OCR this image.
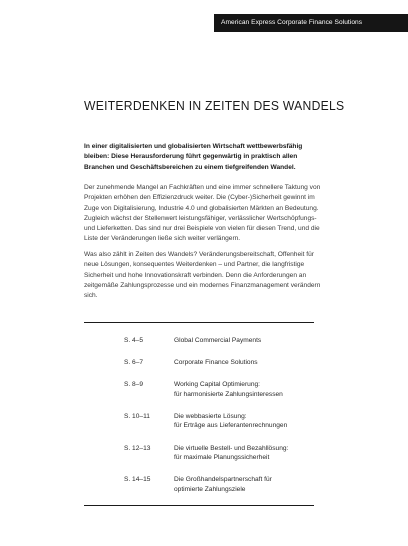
American Express Corporate Finance Solutions
WEITERDENKEN IN ZEITEN DES WANDELS

In einer digitalisierten und globalisierten Wirtschaft wettbewerbsfähig bleiben: Diese Herausforderung führt gegenwärtig in praktisch allen Branchen und Geschäftsbereichen zu einem tiefgreifenden Wandel.

Der zunehmende Mangel an Fachkräften und eine immer schnellere Taktung von Projekten erhöhen den Effizienzdruck weiter. Die (Cyber-)Sicherheit gewinnt im Zuge von Digitalisierung, Industrie 4.0 und globalisierten Märkten an Bedeutung. Zugleich wächst der Stellenwert leistungsfähiger, verlässlicher Wertschöpfungs- und Lieferketten. Das sind nur drei Beispiele von vielen für diesen Trend, und die Liste der Veränderungen ließe sich weiter verlängern.

Was also zählt in Zeiten des Wandels? Veränderungsbereitschaft, Offenheit für neue Lösungen, konsequentes Weiterdenken – und Partner, die langfristige Sicherheit und hohe Innovationskraft verbinden. Denn die Anforderungen an zeitgemäße Zahlungsprozesse und ein modernes Finanzmanagement verändern sich.

S. 4–5	Global Commercial Payments
S. 6–7	Corporate Finance Solutions
S. 8–9	Working Capital Optimierung:
für harmonisierte Zahlungsinteressen
S. 10–11	Die webbasierte Lösung:
für Erträge aus Lieferantenrechnungen
S. 12–13	Die virtuelle Bestell- und Bezahllösung:
für maximale Planungssicherheit
S. 14–15	Die Großhandelspartnerschaft für
optimierte Zahlungsziele
